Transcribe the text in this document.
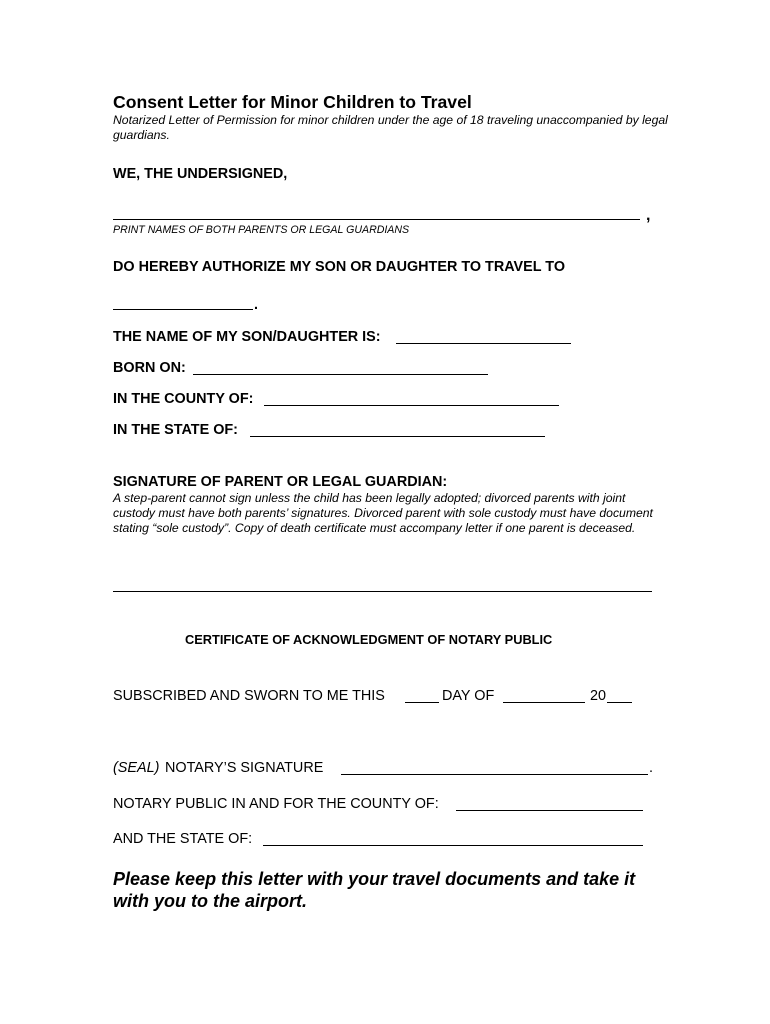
Consent Letter for Minor Children to Travel
Notarized Letter of Permission for minor children under the age of 18 traveling unaccompanied by legal guardians.
WE, THE UNDERSIGNED,
,
PRINT NAMES OF BOTH PARENTS OR LEGAL GUARDIANS
DO HEREBY AUTHORIZE MY SON OR DAUGHTER TO TRAVEL TO
.
THE NAME OF MY SON/DAUGHTER IS:
BORN ON:
IN THE COUNTY OF:
IN THE STATE OF:
SIGNATURE OF PARENT OR LEGAL GUARDIAN:
A step-parent cannot sign unless the child has been legally adopted; divorced parents with joint custody must have both parents’ signatures. Divorced parent with sole custody must have document stating “sole custody”. Copy of death certificate must accompany letter if one parent is deceased.
CERTIFICATE OF ACKNOWLEDGMENT OF NOTARY PUBLIC
SUBSCRIBED AND SWORN TO ME THIS	DAY OF	20
(SEAL) NOTARY’S SIGNATURE	.
NOTARY PUBLIC IN AND FOR THE COUNTY OF:
AND THE STATE OF:
Please keep this letter with your travel documents and take it with you to the airport.
